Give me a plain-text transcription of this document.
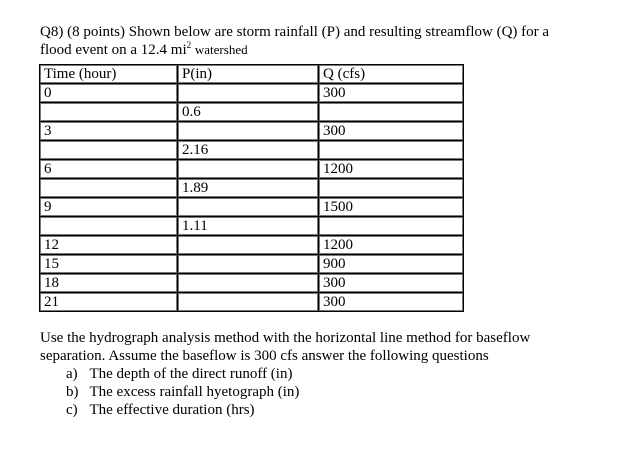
Q8) (8 points) Shown below are storm rainfall (P) and resulting streamflow (Q) for a
flood event on a 12.4 $mi^2$ watershed
Time (hour)	P(in)	Q (cfs)
0		300
	0.6	
3		300
	2.16	
6		1200
	1.89	
9		1500
	1.11	
12		1200
15		900
18		300
21		300
Use the hydrograph analysis method with the horizontal line method for baseflow
separation. Assume the baseflow is 300 cfs answer the following questions
a) The depth of the direct runoff (in)
b) The excess rainfall hyetograph (in)
c) The effective duration (hrs)
